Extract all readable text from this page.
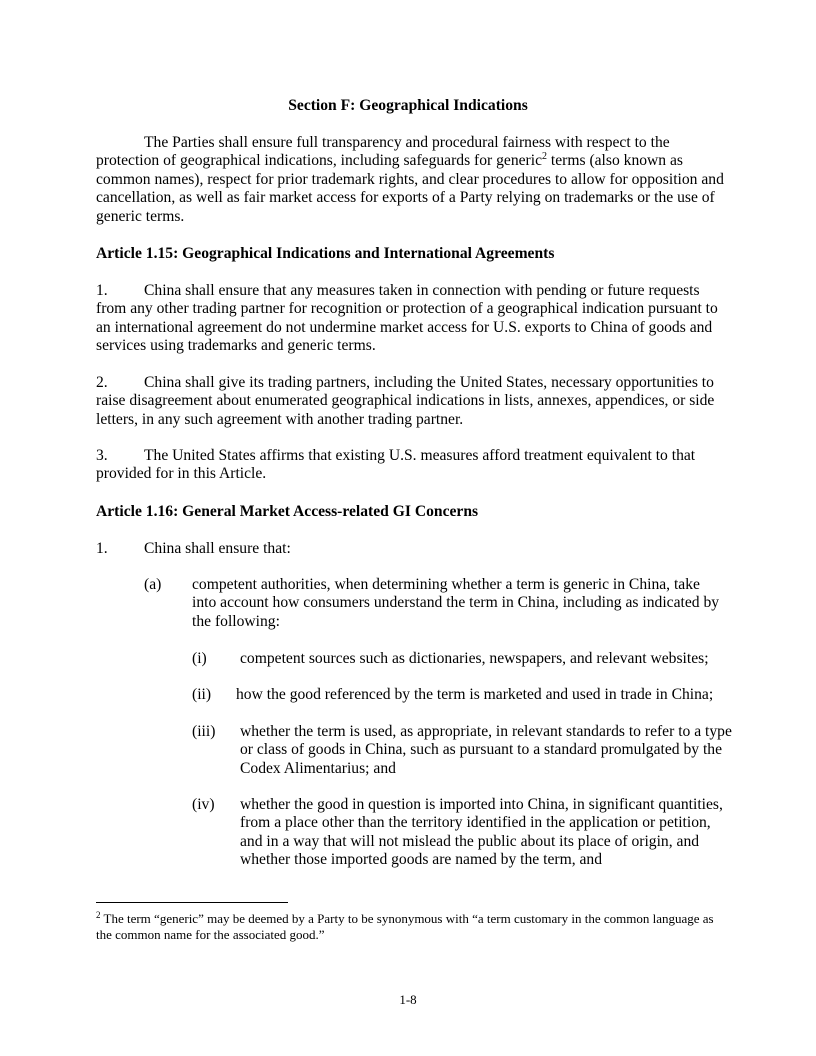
Section F: Geographical Indications
The Parties shall ensure full transparency and procedural fairness with respect to the protection of geographical indications, including safeguards for generic$^2$ terms (also known as common names), respect for prior trademark rights, and clear procedures to allow for opposition and cancellation, as well as fair market access for exports of a Party relying on trademarks or the use of generic terms.
Article 1.15: Geographical Indications and International Agreements
1. China shall ensure that any measures taken in connection with pending or future requests from any other trading partner for recognition or protection of a geographical indication pursuant to an international agreement do not undermine market access for U.S. exports to China of goods and services using trademarks and generic terms.
2. China shall give its trading partners, including the United States, necessary opportunities to raise disagreement about enumerated geographical indications in lists, annexes, appendices, or side letters, in any such agreement with another trading partner.
3. The United States affirms that existing U.S. measures afford treatment equivalent to that provided for in this Article.
Article 1.16: General Market Access-related GI Concerns
1. China shall ensure that:
(a) competent authorities, when determining whether a term is generic in China, take into account how consumers understand the term in China, including as indicated by the following:
(i) competent sources such as dictionaries, newspapers, and relevant websites;
(ii) how the good referenced by the term is marketed and used in trade in China;
(iii) whether the term is used, as appropriate, in relevant standards to refer to a type or class of goods in China, such as pursuant to a standard promulgated by the Codex Alimentarius; and
(iv) whether the good in question is imported into China, in significant quantities, from a place other than the territory identified in the application or petition, and in a way that will not mislead the public about its place of origin, and whether those imported goods are named by the term, and
$^2$ The term “generic” may be deemed by a Party to be synonymous with “a term customary in the common language as the common name for the associated good.”
1-8
